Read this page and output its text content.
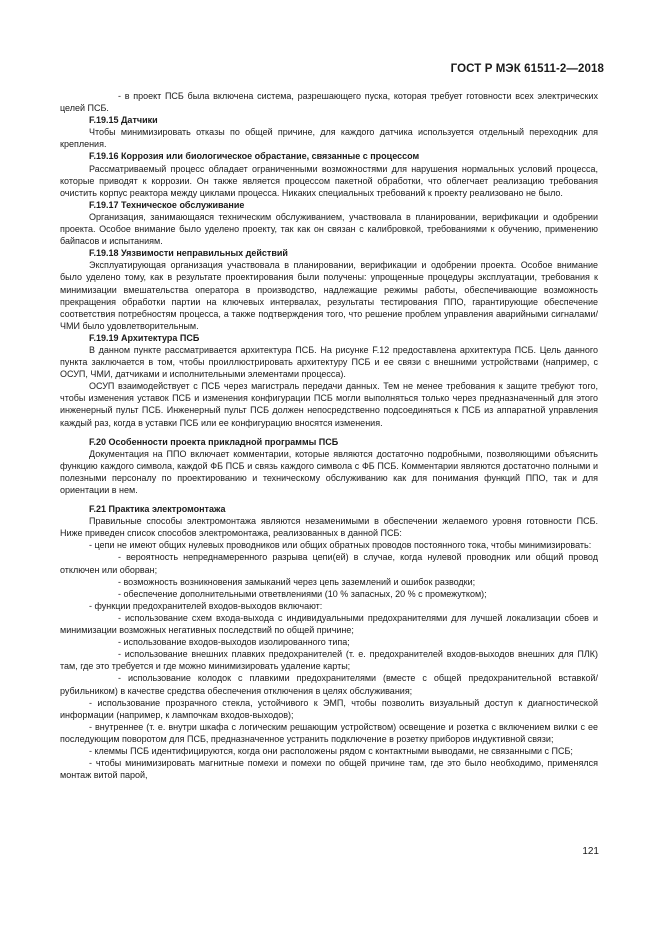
ГОСТ Р МЭК 61511-2—2018

- в проект ПСБ была включена система, разрешающего пуска, которая требует готовности всех электрических целей ПСБ.

F.19.15 Датчики

Чтобы минимизировать отказы по общей причине, для каждого датчика используется отдельный переходник для крепления.

F.19.16 Коррозия или биологическое обрастание, связанные с процессом

Рассматриваемый процесс обладает ограниченными возможностями для нарушения нормальных условий процесса, которые приводят к коррозии. Он также является процессом пакетной обработки, что облегчает реализацию требования очистить корпус реактора между циклами процесса. Никаких специальных требований к проекту реализовано не было.

F.19.17 Техническое обслуживание

Организация, занимающаяся техническим обслуживанием, участвовала в планировании, верификации и одобрении проекта. Особое внимание было уделено проекту, так как он связан с калибровкой, требованиями к обучению, применению байпасов и испытаниям.

F.19.18 Уязвимости неправильных действий

Эксплуатирующая организация участвовала в планировании, верификации и одобрении проекта. Особое внимание было уделено тому, как в результате проектирования были получены: упрощенные процедуры эксплуатации, требования к минимизации вмешательства оператора в производство, надлежащие режимы работы, обеспечивающие возможность прекращения обработки партии на ключевых интервалах, результаты тестирования ППО, гарантирующие обеспечение соответствия потребностям процесса, а также подтверждения того, что решение проблем управления аварийными сигналами/ЧМИ было удовлетворительным.

F.19.19 Архитектура ПСБ

В данном пункте рассматривается архитектура ПСБ. На рисунке F.12 предоставлена архитектура ПСБ. Цель данного пункта заключается в том, чтобы проиллюстрировать архитектуру ПСБ и ее связи с внешними устройствами (например, с ОСУП, ЧМИ, датчиками и исполнительными элементами процесса).

ОСУП взаимодействует с ПСБ через магистраль передачи данных. Тем не менее требования к защите требуют того, чтобы изменения уставок ПСБ и изменения конфигурации ПСБ могли выполняться только через предназначенный для этого инженерный пульт ПСБ. Инженерный пульт ПСБ должен непосредственно подсоединяться к ПСБ из аппаратной управления каждый раз, когда в уставки ПСБ или ее конфигурацию вносятся изменения.

F.20 Особенности проекта прикладной программы ПСБ

Документация на ППО включает комментарии, которые являются достаточно подробными, позволяющими объяснить функцию каждого символа, каждой ФБ ПСБ и связь каждого символа с ФБ ПСБ. Комментарии являются достаточно полными и полезными персоналу по проектированию и техническому обслуживанию как для понимания функций ППО, так и для ориентации в нем.

F.21 Практика электромонтажа

Правильные способы электромонтажа являются незаменимыми в обеспечении желаемого уровня готовности ПСБ. Ниже приведен список способов электромонтажа, реализованных в данной ПСБ:

- цепи не имеют общих нулевых проводников или общих обратных проводов постоянного тока, чтобы минимизировать:

- вероятность непреднамеренного разрыва цепи(ей) в случае, когда нулевой проводник или общий провод отключен или оборван;

- возможность возникновения замыканий через цепь заземлений и ошибок разводки;

- обеспечение дополнительными ответвлениями (10 % запасных, 20 % с промежутком);

- функции предохранителей входов-выходов включают:

- использование схем входа-выхода с индивидуальными предохранителями для лучшей локализации сбоев и минимизации возможных негативных последствий по общей причине;

- использование входов-выходов изолированного типа;

- использование внешних плавких предохранителей (т. е. предохранителей входов-выходов внешних для ПЛК) там, где это требуется и где можно минимизировать удаление карты;

- использование колодок с плавкими предохранителями (вместе с общей предохранительной вставкой/рубильником) в качестве средства обеспечения отключения в целях обслуживания;

- использование прозрачного стекла, устойчивого к ЭМП, чтобы позволить визуальный доступ к диагностической информации (например, к лампочкам входов-выходов);

- внутреннее (т. е. внутри шкафа с логическим решающим устройством) освещение и розетка с включением вилки с ее последующим поворотом для ПСБ, предназначенное устранить подключение в розетку приборов индуктивной связи;

- клеммы ПСБ идентифицируются, когда они расположены рядом с контактными выводами, не связанными с ПСБ;

- чтобы минимизировать магнитные помехи и помехи по общей причине там, где это было необходимо, применялся монтаж витой парой,

121
